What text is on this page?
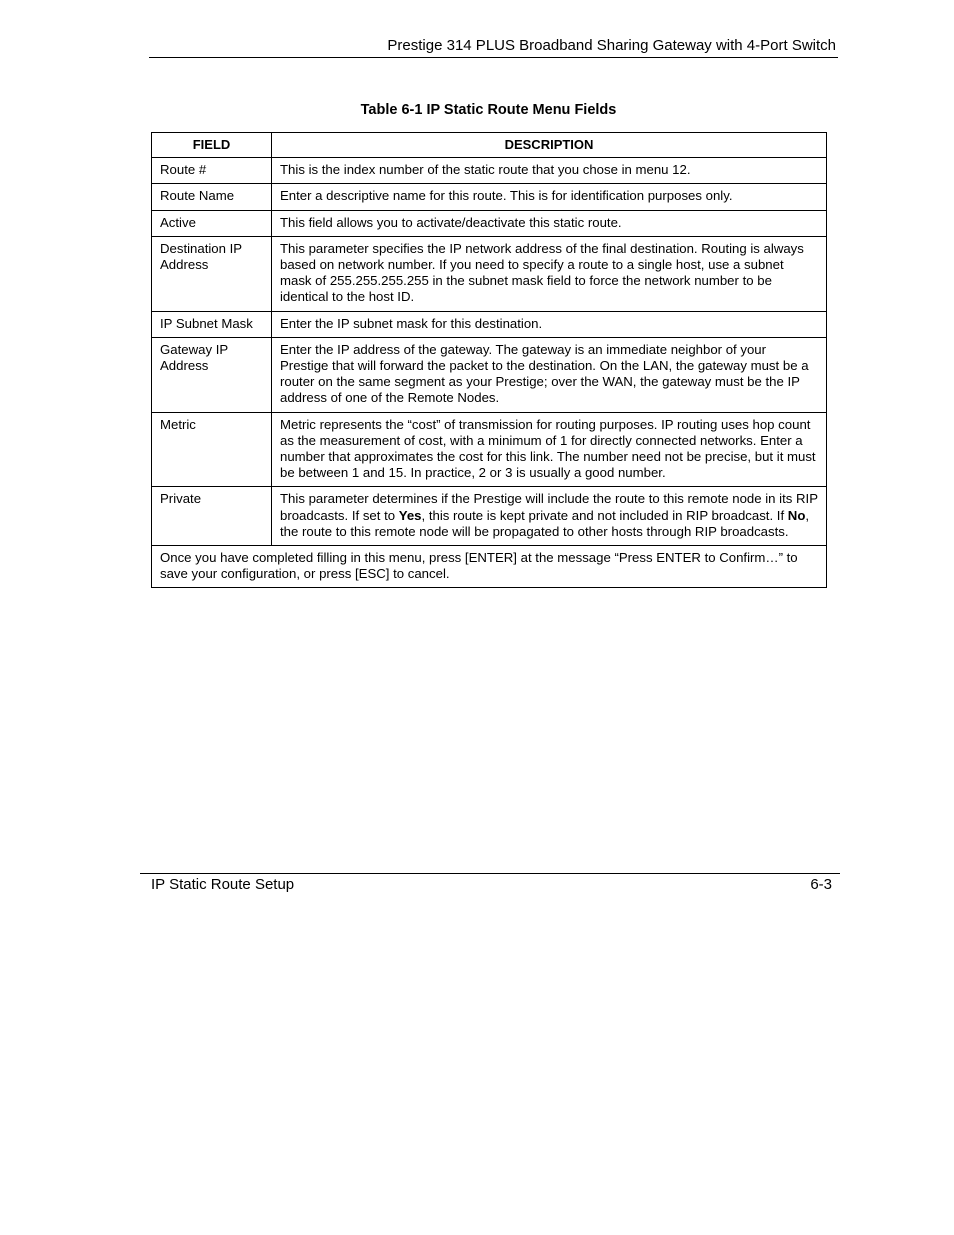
Prestige 314 PLUS Broadband Sharing Gateway with 4-Port Switch
Table 6-1 IP Static Route Menu Fields
FIELD	DESCRIPTION
Route #	This is the index number of the static route that you chose in menu 12.
Route Name	Enter a descriptive name for this route. This is for identification purposes only.
Active	This field allows you to activate/deactivate this static route.
Destination IP Address	This parameter specifies the IP network address of the final destination. Routing is always based on network number. If you need to specify a route to a single host, use a subnet mask of 255.255.255.255 in the subnet mask field to force the network number to be identical to the host ID.
IP Subnet Mask	Enter the IP subnet mask for this destination.
Gateway IP Address	Enter the IP address of the gateway. The gateway is an immediate neighbor of your Prestige that will forward the packet to the destination. On the LAN, the gateway must be a router on the same segment as your Prestige; over the WAN, the gateway must be the IP address of one of the Remote Nodes.
Metric	Metric represents the “cost” of transmission for routing purposes. IP routing uses hop count as the measurement of cost, with a minimum of 1 for directly connected networks. Enter a number that approximates the cost for this link. The number need not be precise, but it must be between 1 and 15. In practice, 2 or 3 is usually a good number.
Private	This parameter determines if the Prestige will include the route to this remote node in its RIP broadcasts. If set to Yes, this route is kept private and not included in RIP broadcast. If No, the route to this remote node will be propagated to other hosts through RIP broadcasts.
Once you have completed filling in this menu, press [ENTER] at the message “Press ENTER to Confirm…” to save your configuration, or press [ESC] to cancel.	
IP Static Route Setup	6-3
